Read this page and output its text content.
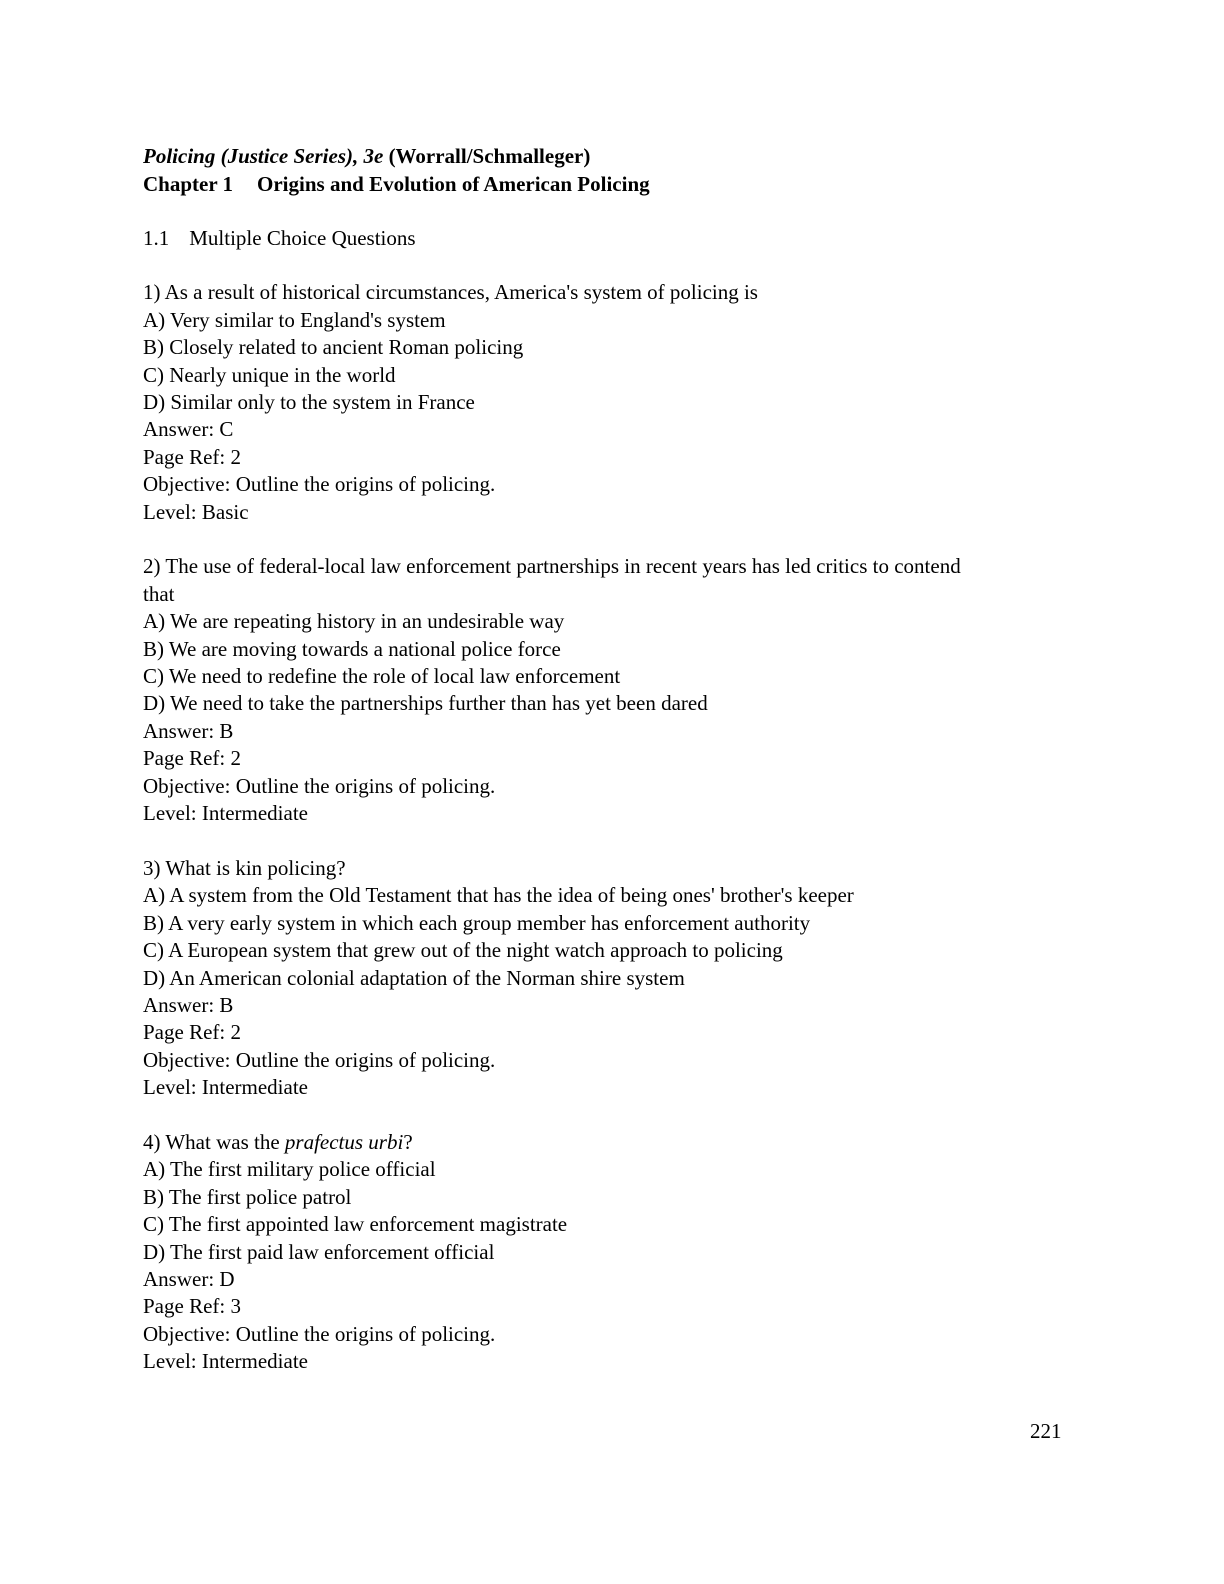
Policing (Justice Series), 3e (Worrall/Schmalleger)
Chapter 1 Origins and Evolution of American Policing
1.1 Multiple Choice Questions
1) As a result of historical circumstances, America's system of policing is
A) Very similar to England's system
B) Closely related to ancient Roman policing
C) Nearly unique in the world
D) Similar only to the system in France
Answer: C
Page Ref: 2
Objective: Outline the origins of policing.
Level: Basic
2) The use of federal-local law enforcement partnerships in recent years has led critics to contend
that
A) We are repeating history in an undesirable way
B) We are moving towards a national police force
C) We need to redefine the role of local law enforcement
D) We need to take the partnerships further than has yet been dared
Answer: B
Page Ref: 2
Objective: Outline the origins of policing.
Level: Intermediate
3) What is kin policing?
A) A system from the Old Testament that has the idea of being ones' brother's keeper
B) A very early system in which each group member has enforcement authority
C) A European system that grew out of the night watch approach to policing
D) An American colonial adaptation of the Norman shire system
Answer: B
Page Ref: 2
Objective: Outline the origins of policing.
Level: Intermediate
4) What was the prafectus urbi?
A) The first military police official
B) The first police patrol
C) The first appointed law enforcement magistrate
D) The first paid law enforcement official
Answer: D
Page Ref: 3
Objective: Outline the origins of policing.
Level: Intermediate
221
